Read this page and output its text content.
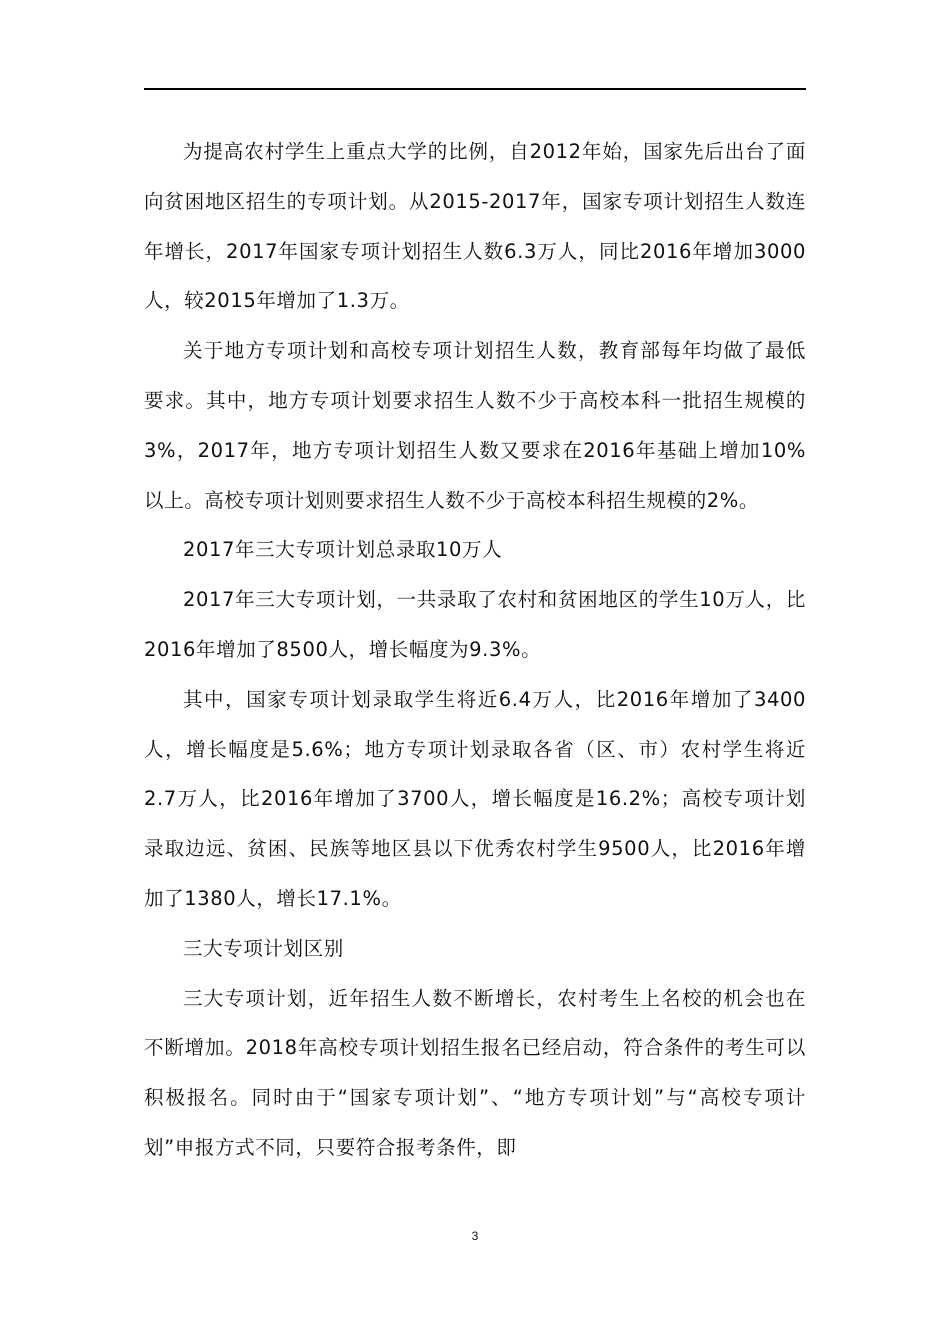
为提高农村学生上重点大学的比例，自2012年始，国家先后出台了面向贫困地区招生的专项计划。从2015-2017年，国家专项计划招生人数连年增长，2017年国家专项计划招生人数6.3万人，同比2016年增加3000人，较2015年增加了1.3万。

关于地方专项计划和高校专项计划招生人数，教育部每年均做了最低要求。其中，地方专项计划要求招生人数不少于高校本科一批招生规模的3%，2017年，地方专项计划招生人数又要求在2016年基础上增加10%以上。高校专项计划则要求招生人数不少于高校本科招生规模的2%。

2017年三大专项计划总录取10万人

2017年三大专项计划，一共录取了农村和贫困地区的学生10万人，比2016年增加了8500人，增长幅度为9.3%。

其中，国家专项计划录取学生将近6.4万人，比2016年增加了3400人，增长幅度是5.6%；地方专项计划录取各省（区、市）农村学生将近2.7万人，比2016年增加了3700人，增长幅度是16.2%；高校专项计划录取边远、贫困、民族等地区县以下优秀农村学生9500人，比2016年增加了1380人，增长17.1%。

三大专项计划区别

三大专项计划，近年招生人数不断增长，农村考生上名校的机会也在不断增加。2018年高校专项计划招生报名已经启动，符合条件的考生可以积极报名。同时由于“国家专项计划”、“地方专项计划”与“高校专项计划”申报方式不同，只要符合报考条件，即

3
